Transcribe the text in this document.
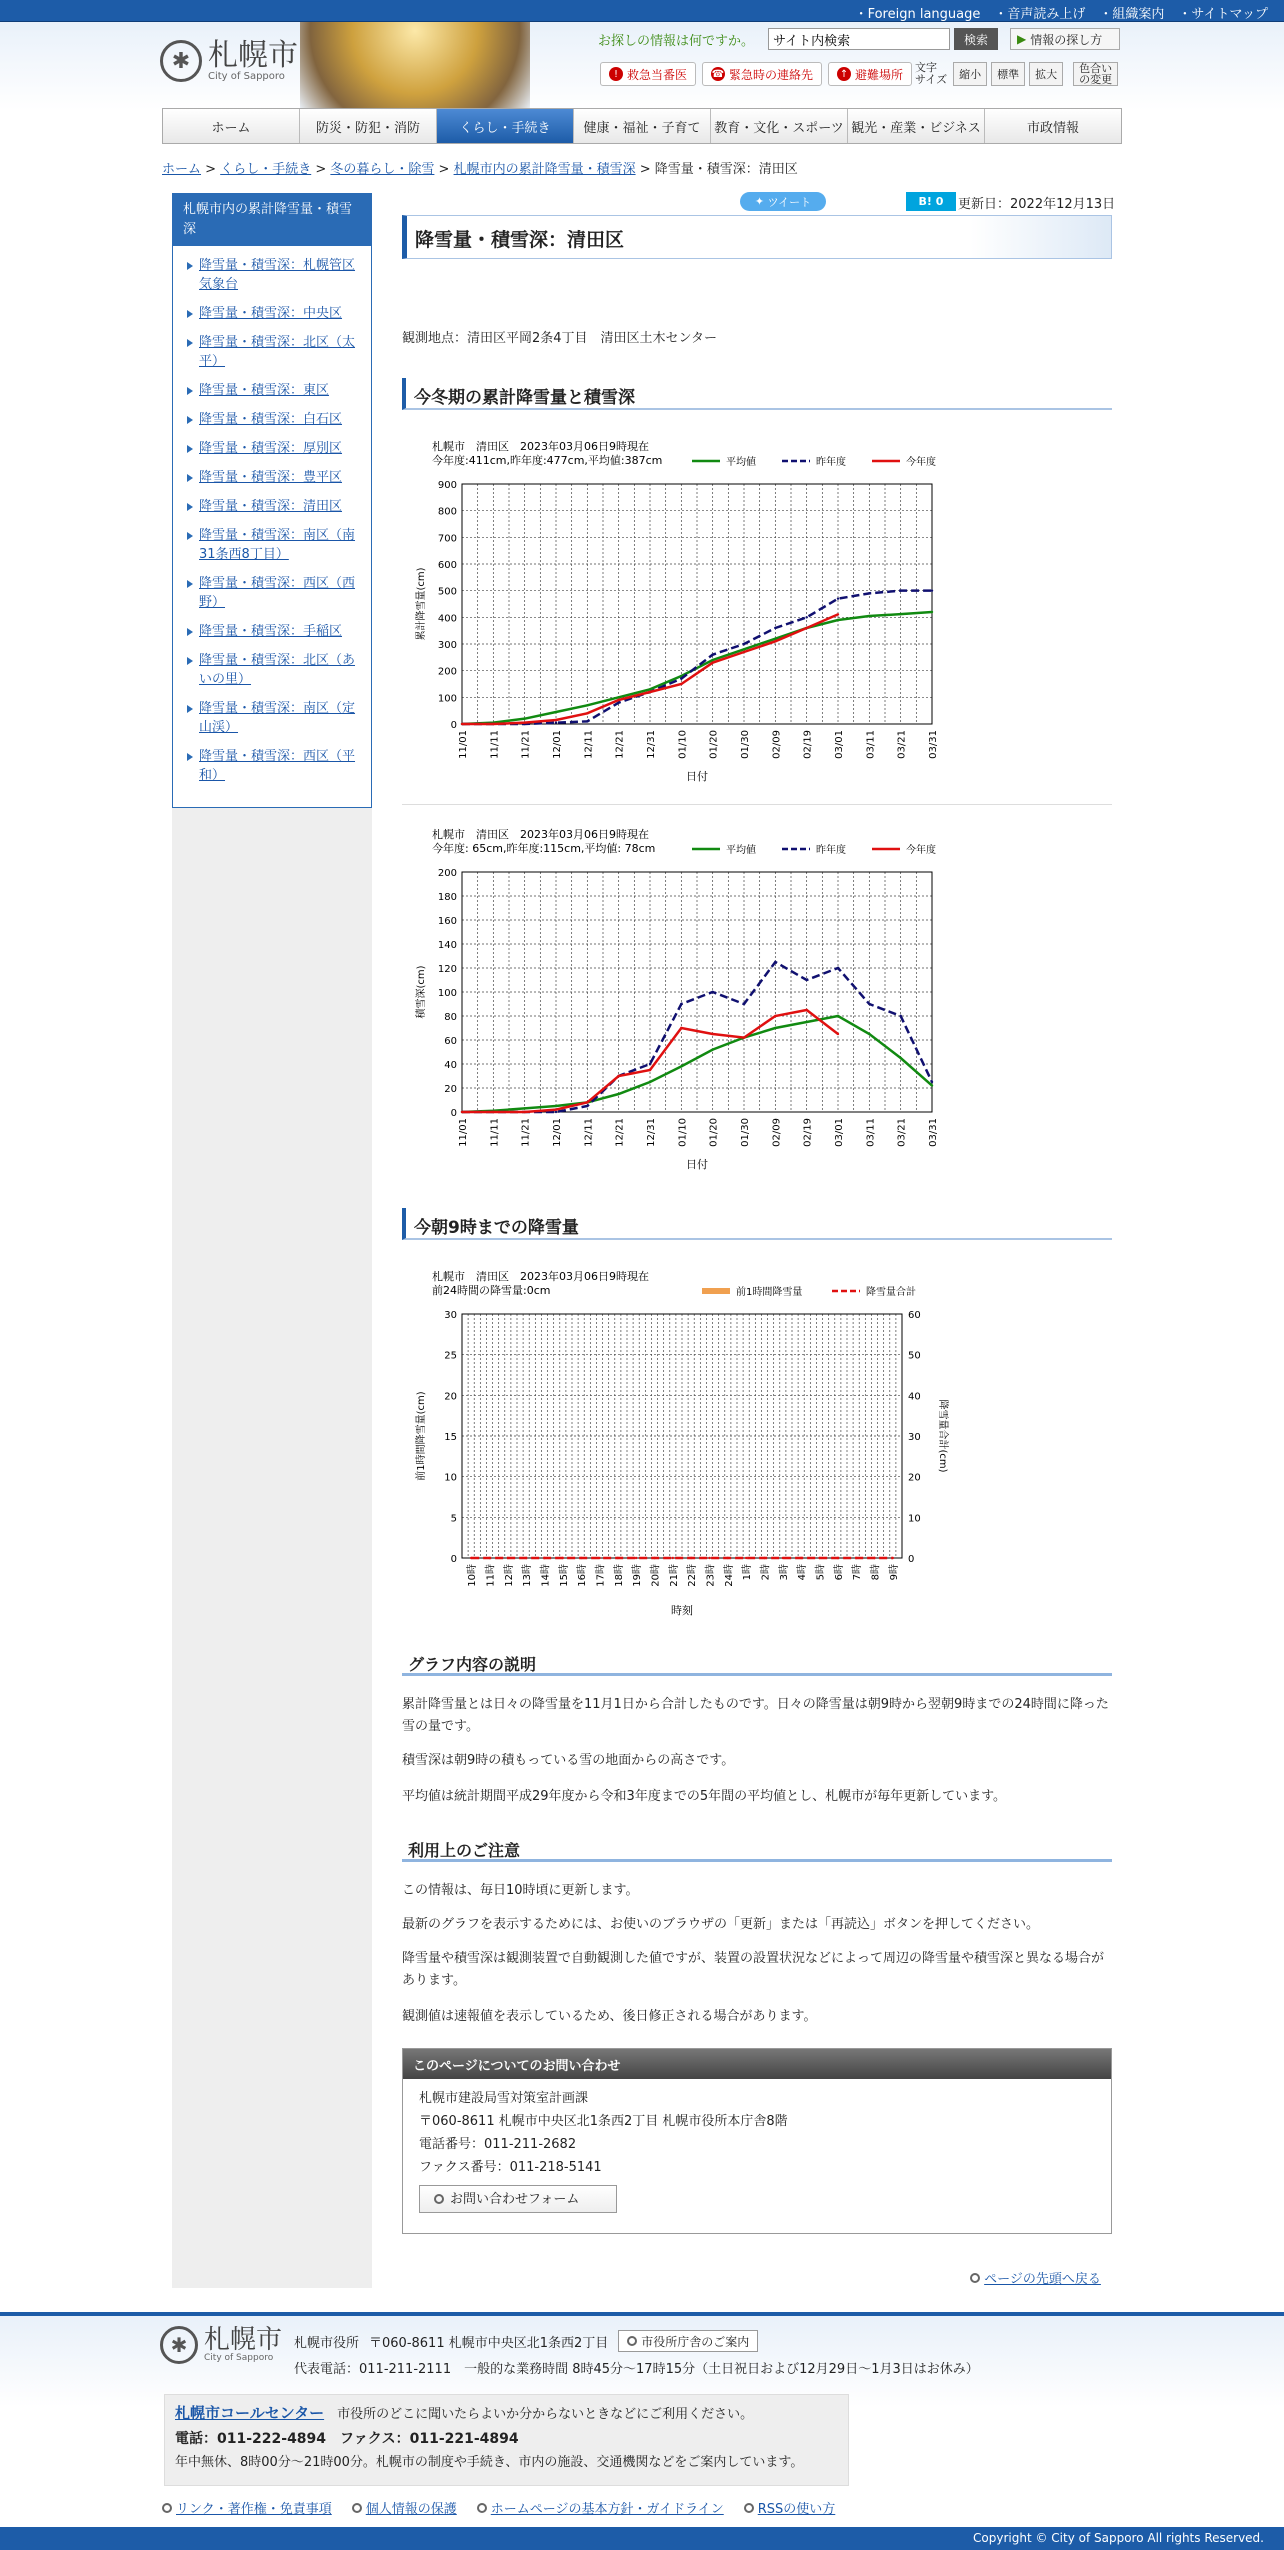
・Foreign language ・音声読み上げ ・組織案内 ・サイトマップ
✱ 札幌市
City of Sapporo
お探しの情報は何ですか。
サイト内検索	検索	▶ 情報の探し方
! 救急当番医 ☎ 緊急時の連絡先	↑ 避難場所 文字
サイズ	縮小	標準	拡大	色合い
の変更
ホーム	防災・防犯・消防	くらし・手続き	健康・福祉・子育て	教育・文化・スポーツ 観光・産業・ビジネス	市政情報
ホーム > くらし・手続き > 冬の暮らし・除雪 > 札幌市内の累計降雪量・積雪深 > 降雪量・積雪深：清田区
札幌市内の累計降雪量・積雪深
降雪量・積雪深：札幌管区気象台
降雪量・積雪深：中央区
降雪量・積雪深：北区（太平）
降雪量・積雪深：東区
降雪量・積雪深：白石区
降雪量・積雪深：厚別区
降雪量・積雪深：豊平区
降雪量・積雪深：清田区
降雪量・積雪深：南区（南31条西8丁目）
降雪量・積雪深：西区（西野）
降雪量・積雪深：手稲区
降雪量・積雪深：北区（あいの里）
降雪量・積雪深：南区（定山渓）
降雪量・積雪深：西区（平和）
✦ ツイート	B! 0	更新日：2022年12月13日
降雪量・積雪深：清田区
観測地点：清田区平岡2条4丁目　清田区土木センター
今冬期の累計降雪量と積雪深
札幌市　清田区　2023年03月06日9時現在
今年度:411cm,昨年度:477cm,平均値:387cm
0
100
200
300
400
500
600
700
800
900
11/01 11/11 11/21 12/01 12/11 12/21 12/31 01/10 01/20 01/30 02/09 02/19 03/01 03/11 03/21 03/31
日付
累計降雪量(cm)
平均値	昨年度	今年度
札幌市　清田区　2023年03月06日9時現在
今年度: 65cm,昨年度:115cm,平均値: 78cm
0
20
40
60
80
100
120
140
160
180
200
11/01 11/11 11/21 12/01 12/11 12/21 12/31 01/10 01/20 01/30 02/09 02/19 03/01 03/11 03/21 03/31
日付
積雪深(cm)
平均値	昨年度	今年度
今朝9時までの降雪量
札幌市　清田区　2023年03月06日9時現在
前24時間の降雪量:0cm
0
5
10
15
20
25
30
0
10
20
30
40
50
60
10時 11時 12時 13時 14時 15時 16時 17時 18時 19時 20時 21時 22時 23時 24時 1時 2時 3時 4時 5時 6時 7時 8時 9時
時刻
前1時間降雪量(cm)	降雪量合計(cm)
前1時間降雪量	降雪量合計
グラフ内容の説明
累計降雪量とは日々の降雪量を11月1日から合計したものです。日々の降雪量は朝9時から翌朝9時までの24時間に降った雪の量です。
積雪深は朝9時の積もっている雪の地面からの高さです。
平均値は統計期間平成29年度から令和3年度までの5年間の平均値とし、札幌市が毎年更新しています。
利用上のご注意
この情報は、毎日10時頃に更新します。
最新のグラフを表示するためには、お使いのブラウザの「更新」または「再読込」ボタンを押してください。
降雪量や積雪深は観測装置で自動観測した値ですが、装置の設置状況などによって周辺の降雪量や積雪深と異なる場合があります。
観測値は速報値を表示しているため、後日修正される場合があります。
このページについてのお問い合わせ
札幌市建設局雪対策室計画課
〒060-8611 札幌市中央区北1条西2丁目 札幌市役所本庁舎8階
電話番号：011-211-2682
ファクス番号：011-218-5141
お問い合わせフォーム
ページの先頭へ戻る
✱ 札幌市
City of Sapporo
札幌市役所 〒060-8611 札幌市中央区北1条西2丁目	市役所庁舎のご案内
代表電話：011-211-2111　一般的な業務時間 8時45分～17時15分（土日祝日および12月29日～1月3日はお休み）
札幌市コールセンター　 市役所のどこに聞いたらよいか分からないときなどにご利用ください。
電話：011-222-4894　ファクス：011-221-4894
年中無休、8時00分～21時00分。札幌市の制度や手続き、市内の施設、交通機関などをご案内しています。
リンク・著作権・免責事項	個人情報の保護	ホームページの基本方針・ガイドライン	RSSの使い方
Copyright © City of Sapporo All rights Reserved.
